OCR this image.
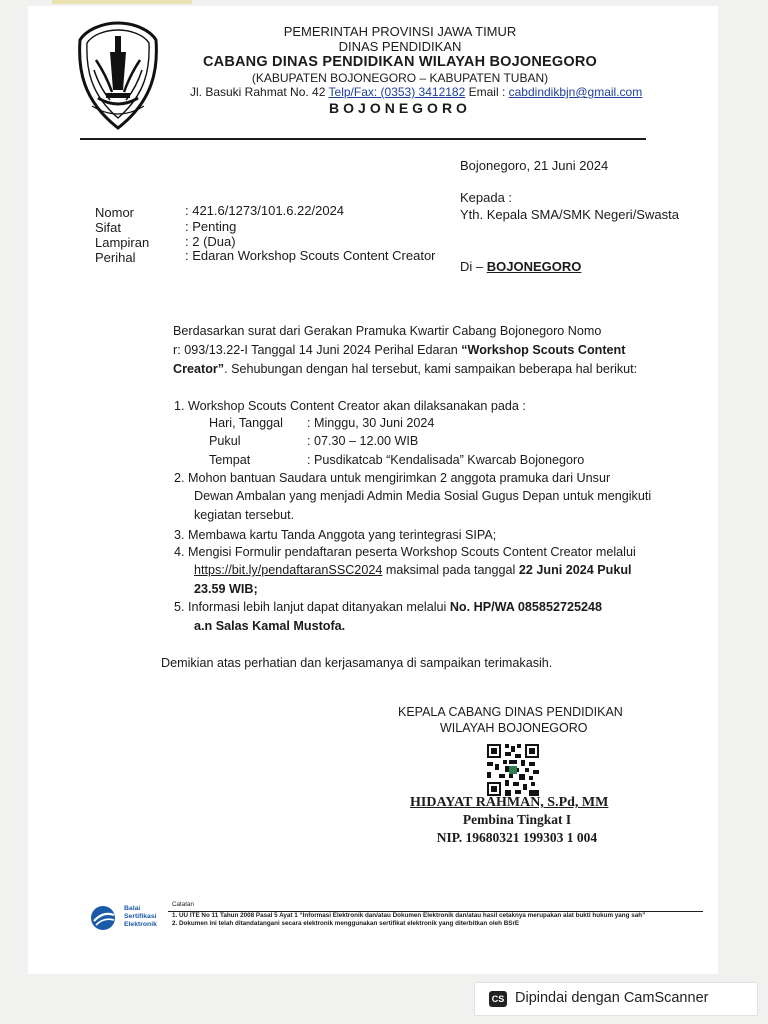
PEMERINTAH PROVINSI JAWA TIMUR
DINAS PENDIDIKAN
CABANG DINAS PENDIDIKAN WILAYAH BOJONEGORO
(KABUPATEN BOJONEGORO – KABUPATEN TUBAN)
Jl. Basuki Rahmat No. 42 Telp/Fax: (0353) 3412182 Email : cabdindikbjn@gmail.com
BOJONEGORO
Bojonegoro, 21 Juni 2024
Kepada :
Yth. Kepala SMA/SMK Negeri/Swasta
Di – BOJONEGORO
Nomor	: 421.6/1273/101.6.22/2024
Sifat	: Penting
Lampiran	: 2 (Dua)
Perihal	: Edaran Workshop Scouts Content Creator
Berdasarkan surat dari Gerakan Pramuka Kwartir Cabang Bojonegoro Nomo
r: 093/13.22-I Tanggal 14 Juni 2024 Perihal Edaran “Workshop Scouts Content
Creator”. Sehubungan dengan hal tersebut, kami sampaikan beberapa hal berikut:
1. Workshop Scouts Content Creator akan dilaksanakan pada :
Hari, Tanggal : Minggu, 30 Juni 2024
Pukul	: 07.30 – 12.00 WIB
Tempat	: Pusdikatcab “Kendalisada” Kwarcab Bojonegoro
2. Mohon bantuan Saudara untuk mengirimkan 2 anggota pramuka dari Unsur
Dewan Ambalan yang menjadi Admin Media Sosial Gugus Depan untuk mengikuti
kegiatan tersebut.
3. Membawa kartu Tanda Anggota yang terintegrasi SIPA;
4. Mengisi Formulir pendaftaran peserta Workshop Scouts Content Creator melalui
https://bit.ly/pendaftaranSSC2024 maksimal pada tanggal 22 Juni 2024 Pukul
23.59 WIB;
5. Informasi lebih lanjut dapat ditanyakan melalui No. HP/WA 085852725248
a.n Salas Kamal Mustofa.
Demikian atas perhatian dan kerjasamanya di sampaikan terimakasih.
KEPALA CABANG DINAS PENDIDIKAN
WILAYAH BOJONEGORO
HIDAYAT RAHMAN, S.Pd, MM
Pembina Tingkat I
NIP. 19680321 199303 1 004
Balai
Sertifikasi
Elektronik
Catatan
1. UU ITE No 11 Tahun 2008 Pasal 5 Ayat 1 “Informasi Elektronik dan/atau Dokumen Elektronik dan/atau hasil cetaknya merupakan alat bukti hukum yang sah”
2. Dokumen ini telah ditandatangani secara elektronik menggunakan sertifikat elektronik yang diterbitkan oleh BSrE
CS Dipindai dengan CamScanner
